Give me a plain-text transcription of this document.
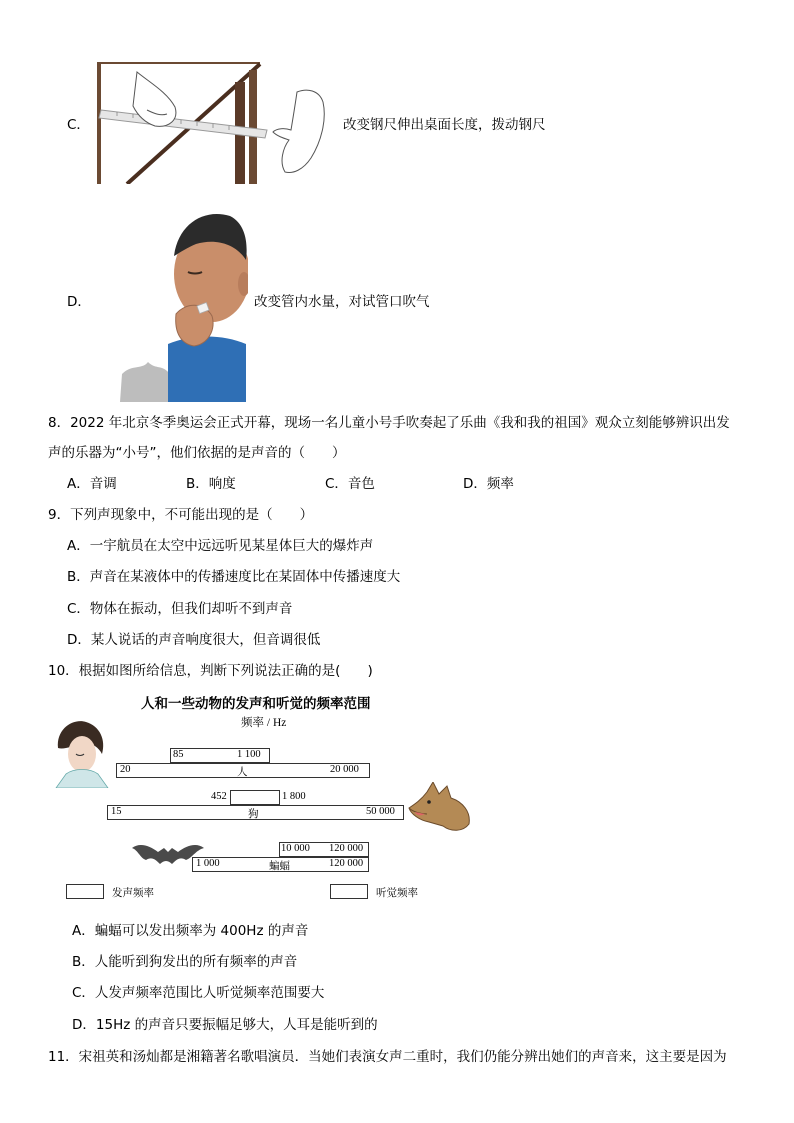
C．	改变钢尺伸出桌面长度，拨动钢尺
D．	改变管内水量，对试管口吹气
8．2022 年北京冬季奥运会正式开幕，现场一名儿童小号手吹奏起了乐曲《我和我的祖国》观众立刻能够辨识出发
声的乐器为“小号”，他们依据的是声音的（　　）
A．音调	B．响度	C．音色	D．频率
9．下列声现象中，不可能出现的是（　　）
A．一宇航员在太空中远远听见某星体巨大的爆炸声
B．声音在某液体中的传播速度比在某固体中传播速度大
C．物体在振动，但我们却听不到声音
D．某人说话的声音响度很大，但音调很低
10．根据如图所给信息，判断下列说法正确的是(　　)
人和一些动物的发声和听觉的频率范围
频率 / Hz
85	1 100
20	人	20 000
452	1 800
15	狗	50 000
10 000 120 000
1 000	蝙蝠	120 000
发声频率	听觉频率
A．蝙蝠可以发出频率为 400Hz 的声音
B．人能听到狗发出的所有频率的声音
C．人发声频率范围比人听觉频率范围要大
D．15Hz 的声音只要振幅足够大，人耳是能听到的
11．宋祖英和汤灿都是湘籍著名歌唱演员．当她们表演女声二重时，我们仍能分辨出她们的声音来，这主要是因为
